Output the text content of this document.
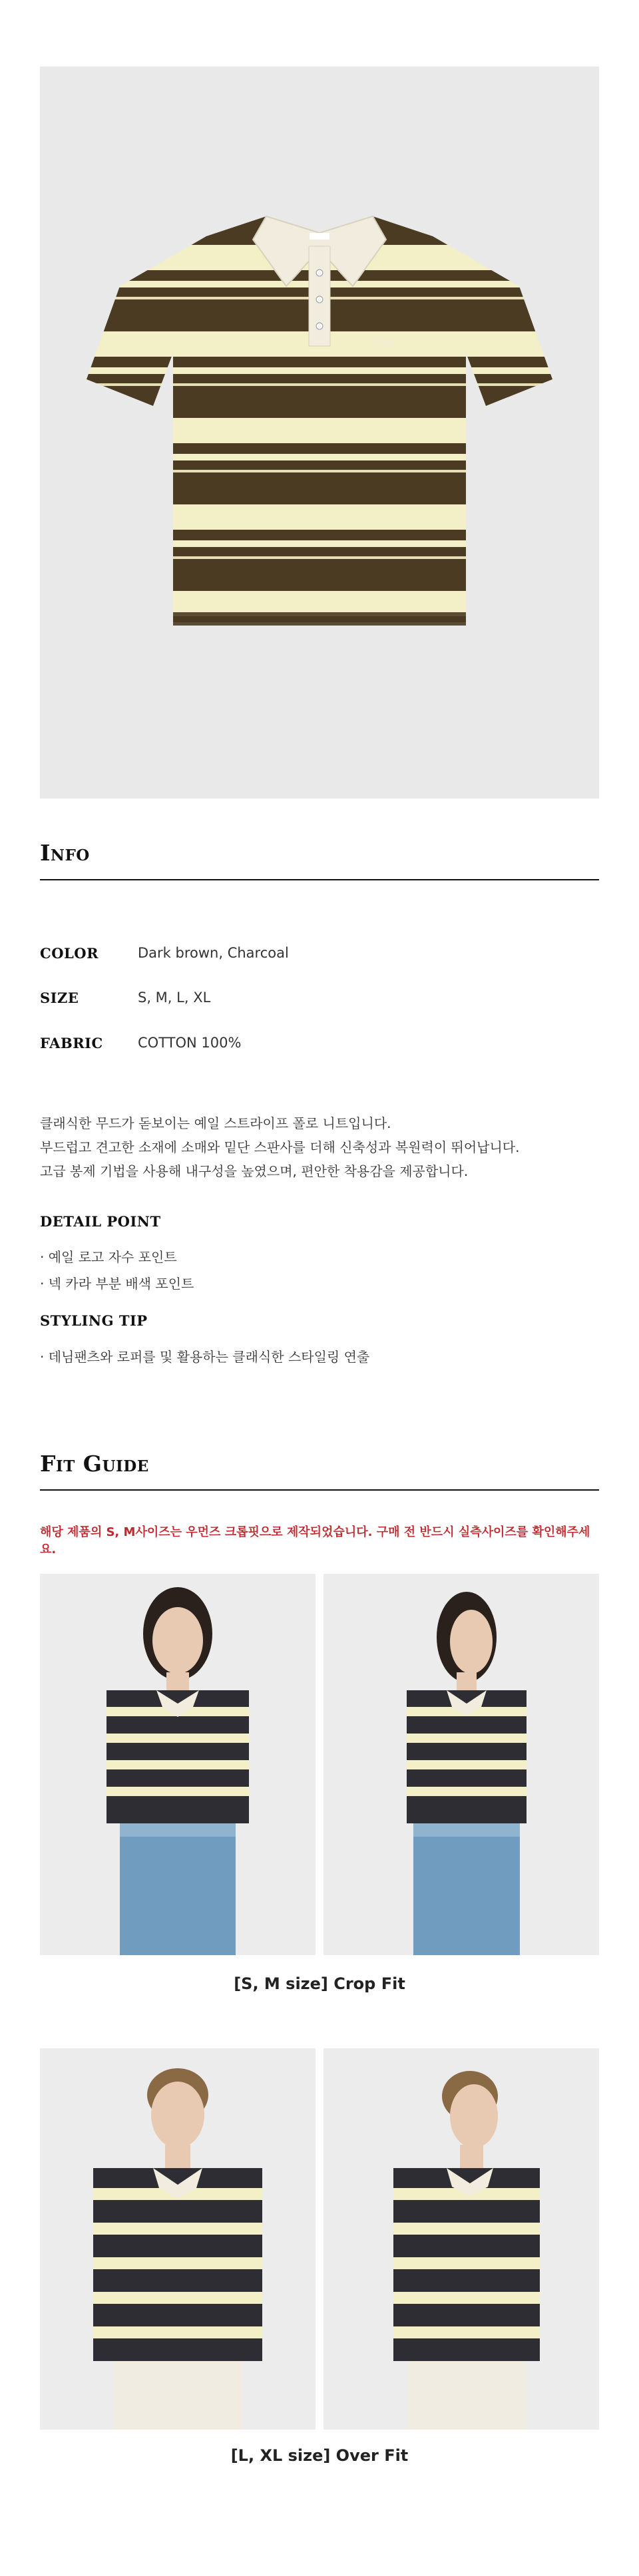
Yale
Info
COLOR	Dark brown, Charcoal
SIZE	S, M, L, XL
FABRIC COTTON 100%
클래식한 무드가 돋보이는 예일 스트라이프 폴로 니트입니다.
부드럽고 견고한 소재에 소매와 밑단 스판사를 더해 신축성과 복원력이 뛰어납니다.
고급 봉제 기법을 사용해 내구성을 높였으며, 편안한 착용감을 제공합니다.
DETAIL POINT
· 예일 로고 자수 포인트
· 넥 카라 부분 배색 포인트
STYLING TIP
· 데님팬츠와 로퍼를 및 활용하는 클래식한 스타일링 연출
Fit Guide
해당 제품의 S, M사이즈는 우먼즈 크롭핏으로 제작되었습니다. 구매 전 반드시 실측사이즈를 확인해주세요.
[S, M size] Crop Fit
[L, XL size] Over Fit
